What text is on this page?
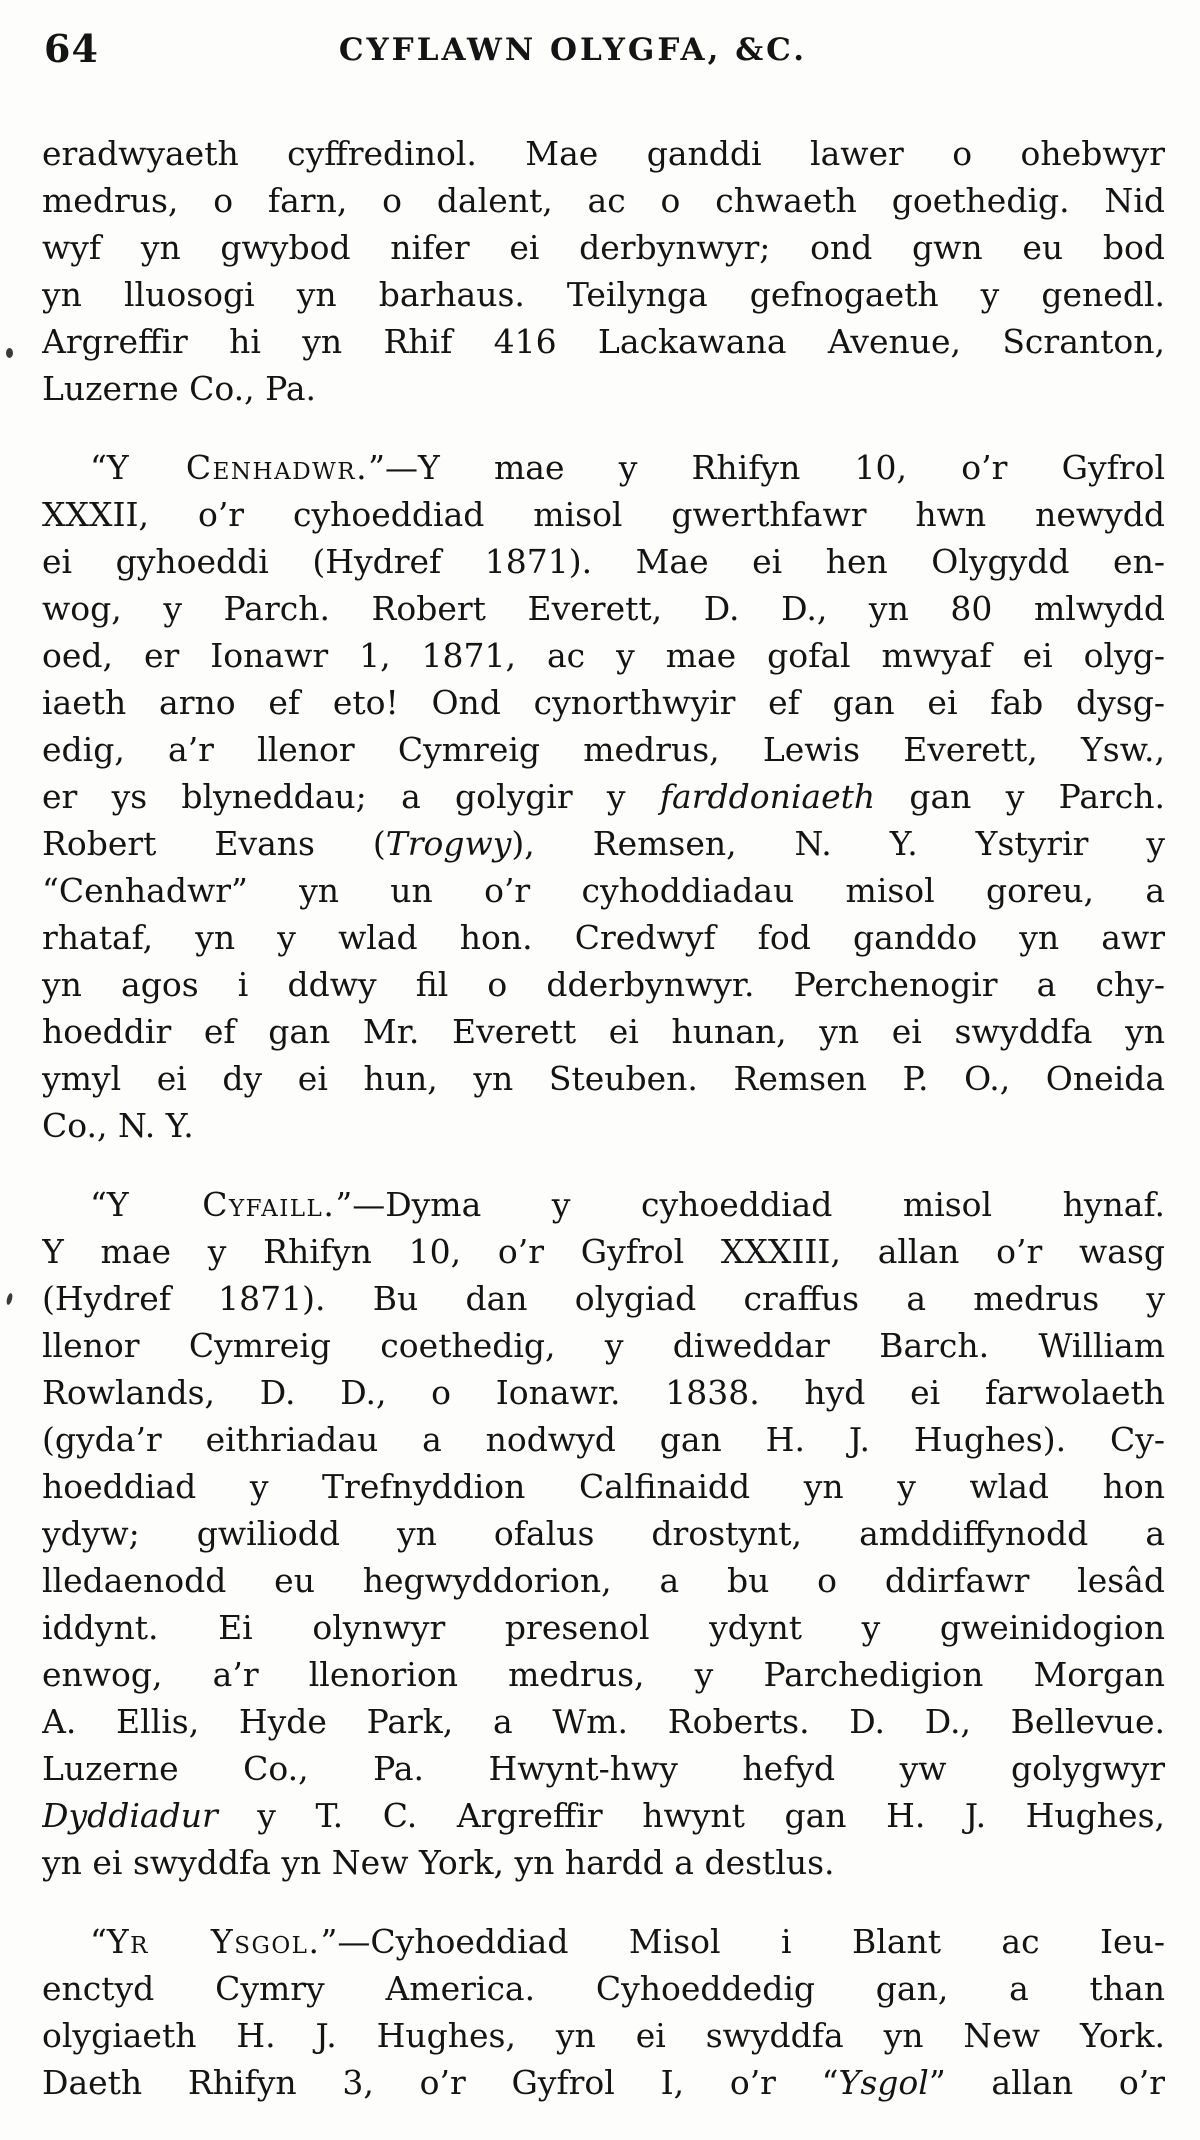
64	CYFLAWN OLYGFA, &C.
eradwyaeth cyffredinol. Mae ganddi lawer o ohebwyr
medrus, o farn, o dalent, ac o chwaeth goethedig. Nid
wyf yn gwybod nifer ei derbynwyr; ond gwn eu bod
yn lluosogi yn barhaus. Teilynga gefnogaeth y genedl.
Argreffir hi yn Rhif 416 Lackawana Avenue, Scranton,
Luzerne Co., Pa.
“Y Cenhadwr.”—Y mae y Rhifyn 10, o’r Gyfrol
XXXII, o’r cyhoeddiad misol gwerthfawr hwn newydd
ei gyhoeddi (Hydref 1871). Mae ei hen Olygydd en-
wog, y Parch. Robert Everett, D. D., yn 80 mlwydd
oed, er Ionawr 1, 1871, ac y mae gofal mwyaf ei olyg-
iaeth arno ef eto! Ond cynorthwyir ef gan ei fab dysg-
edig, a’r llenor Cymreig medrus, Lewis Everett, Ysw.,
er ys blyneddau; a golygir y farddoniaeth gan y Parch.
Robert Evans (Trogwy), Remsen, N. Y. Ystyrir y
“Cenhadwr” yn un o’r cyhoddiadau misol goreu, a
rhataf, yn y wlad hon. Credwyf fod ganddo yn awr
yn agos i ddwy fil o dderbynwyr. Perchenogir a chy-
hoeddir ef gan Mr. Everett ei hunan, yn ei swyddfa yn
ymyl ei dy ei hun, yn Steuben. Remsen P. O., Oneida
Co., N. Y.
“Y Cyfaill.”—Dyma y cyhoeddiad misol hynaf.
Y mae y Rhifyn 10, o’r Gyfrol XXXIII, allan o’r wasg
(Hydref 1871). Bu dan olygiad craffus a medrus y
llenor Cymreig coethedig, y diweddar Barch. William
Rowlands, D. D., o Ionawr. 1838. hyd ei farwolaeth
(gyda’r eithriadau a nodwyd gan H. J. Hughes). Cy-
hoeddiad y Trefnyddion Calfinaidd yn y wlad hon
ydyw; gwiliodd yn ofalus drostynt, amddiffynodd a
lledaenodd eu hegwyddorion, a bu o ddirfawr lesâd
iddynt. Ei olynwyr presenol ydynt y gweinidogion
enwog, a’r llenorion medrus, y Parchedigion Morgan
A. Ellis, Hyde Park, a Wm. Roberts. D. D., Bellevue.
Luzerne Co., Pa. Hwynt-hwy hefyd yw golygwyr
Dyddiadur y T. C. Argreffir hwynt gan H. J. Hughes,
yn ei swyddfa yn New York, yn hardd a destlus.
“Yr Ysgol.”—Cyhoeddiad Misol i Blant ac Ieu-
enctyd Cymry America. Cyhoeddedig gan, a than
olygiaeth H. J. Hughes, yn ei swyddfa yn New York.
Daeth Rhifyn 3, o’r Gyfrol I, o’r “Ysgol” allan o’r
